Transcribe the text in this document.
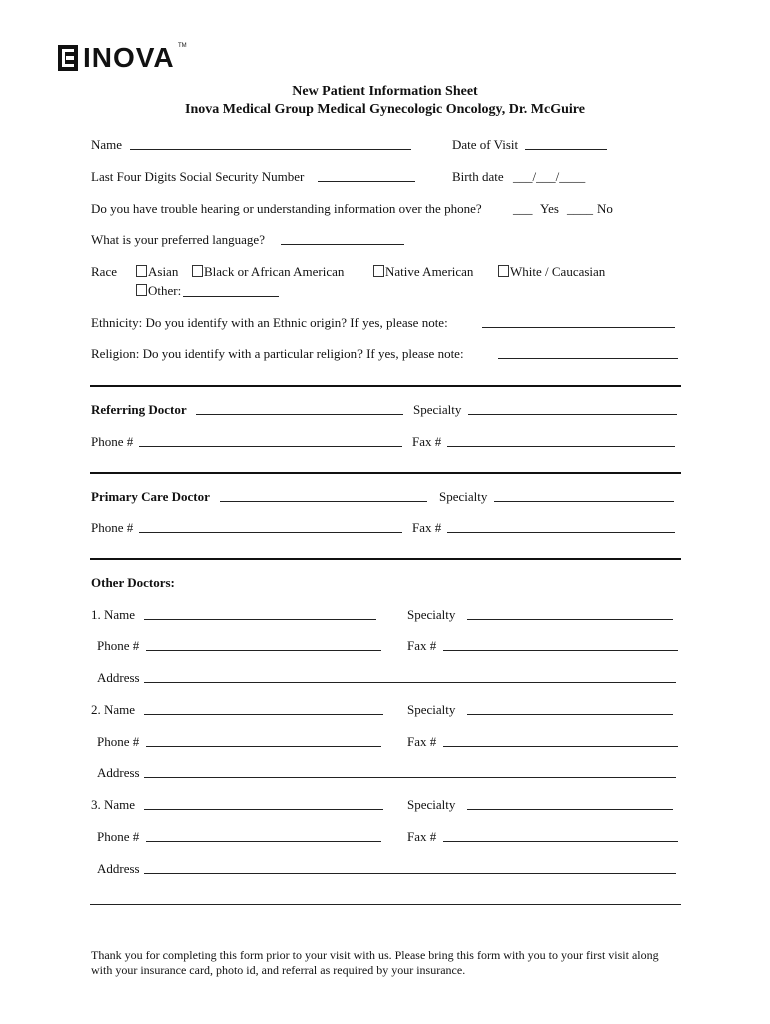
INOVA TM
New Patient Information Sheet
Inova Medical Group Medical Gynecologic Oncology, Dr. McGuire
Name	Date of Visit
Last Four Digits Social Security Number	Birth date ___/___/____
Do you have trouble hearing or understanding information over the phone? ___ Yes ____ No
What is your preferred language?
Race	Asian	Black or African American	Native American	White / Caucasian
Other:
Ethnicity: Do you identify with an Ethnic origin? If yes, please note:
Religion: Do you identify with a particular religion? If yes, please note:
Referring Doctor	Specialty
Phone #	Fax #
Primary Care Doctor	Specialty
Phone #	Fax #
Other Doctors:
1. Name	Specialty
Phone #	Fax #
Address
2. Name	Specialty
Phone #	Fax #
Address
3. Name	Specialty
Phone #	Fax #
Address
Thank you for completing this form prior to your visit with us. Please bring this form with you to your first visit along with your insurance card, photo id, and referral as required by your insurance.
